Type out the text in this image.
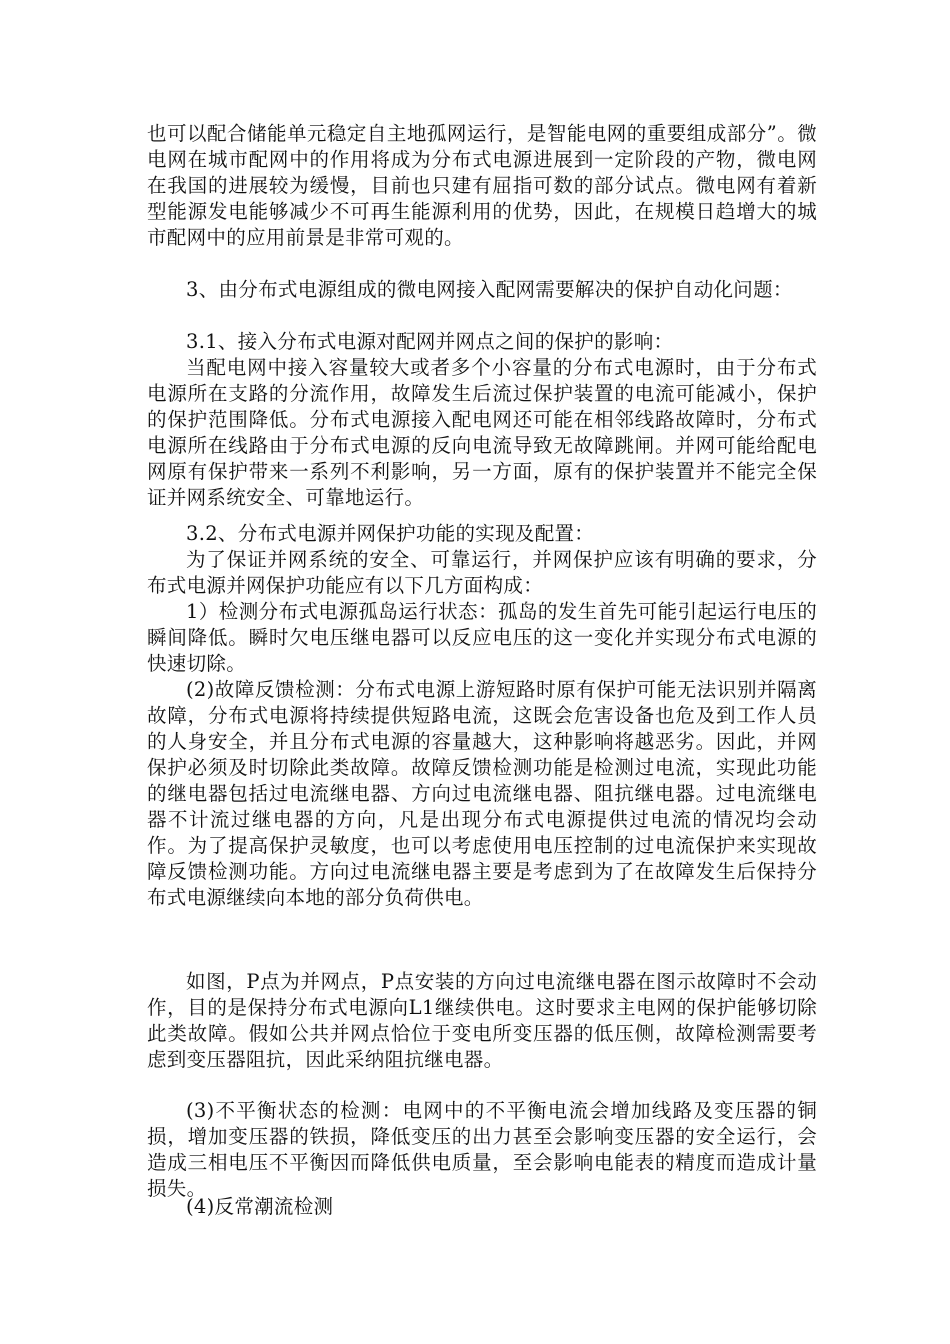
也可以配合储能单元稳定自主地孤网运行，是智能电网的重要组成部分”。微电网在城市配网中的作用将成为分布式电源进展到一定阶段的产物，微电网在我国的进展较为缓慢，目前也只建有屈指可数的部分试点。微电网有着新型能源发电能够减少不可再生能源利用的优势，因此，在规模日趋增大的城市配网中的应用前景是非常可观的。

3、由分布式电源组成的微电网接入配网需要解决的保护自动化问题：

3.1、接入分布式电源对配网并网点之间的保护的影响：

当配电网中接入容量较大或者多个小容量的分布式电源时，由于分布式电源所在支路的分流作用，故障发生后流过保护装置的电流可能减小，保护的保护范围降低。分布式电源接入配电网还可能在相邻线路故障时，分布式电源所在线路由于分布式电源的反向电流导致无故障跳闸。并网可能给配电网原有保护带来一系列不利影响，另一方面，原有的保护装置并不能完全保证并网系统安全、可靠地运行。

3.2、分布式电源并网保护功能的实现及配置：

为了保证并网系统的安全、可靠运行，并网保护应该有明确的要求，分布式电源并网保护功能应有以下几方面构成：

1）检测分布式电源孤岛运行状态：孤岛的发生首先可能引起运行电压的瞬间降低。瞬时欠电压继电器可以反应电压的这一变化并实现分布式电源的快速切除。

(2)故障反馈检测：分布式电源上游短路时原有保护可能无法识别并隔离故障，分布式电源将持续提供短路电流，这既会危害设备也危及到工作人员的人身安全，并且分布式电源的容量越大，这种影响将越恶劣。因此，并网保护必须及时切除此类故障。故障反馈检测功能是检测过电流，实现此功能的继电器包括过电流继电器、方向过电流继电器、阻抗继电器。过电流继电器不计流过继电器的方向，凡是出现分布式电源提供过电流的情况均会动作。为了提高保护灵敏度，也可以考虑使用电压控制的过电流保护来实现故障反馈检测功能。方向过电流继电器主要是考虑到为了在故障发生后保持分布式电源继续向本地的部分负荷供电。

如图，P点为并网点，P点安装的方向过电流继电器在图示故障时不会动作，目的是保持分布式电源向L1继续供电。这时要求主电网的保护能够切除此类故障。假如公共并网点恰位于变电所变压器的低压侧，故障检测需要考虑到变压器阻抗，因此采纳阻抗继电器。

(3)不平衡状态的检测：电网中的不平衡电流会增加线路及变压器的铜损，增加变压器的铁损，降低变压的出力甚至会影响变压器的安全运行，会造成三相电压不平衡因而降低供电质量，至会影响电能表的精度而造成计量损失。

(4)反常潮流检测
